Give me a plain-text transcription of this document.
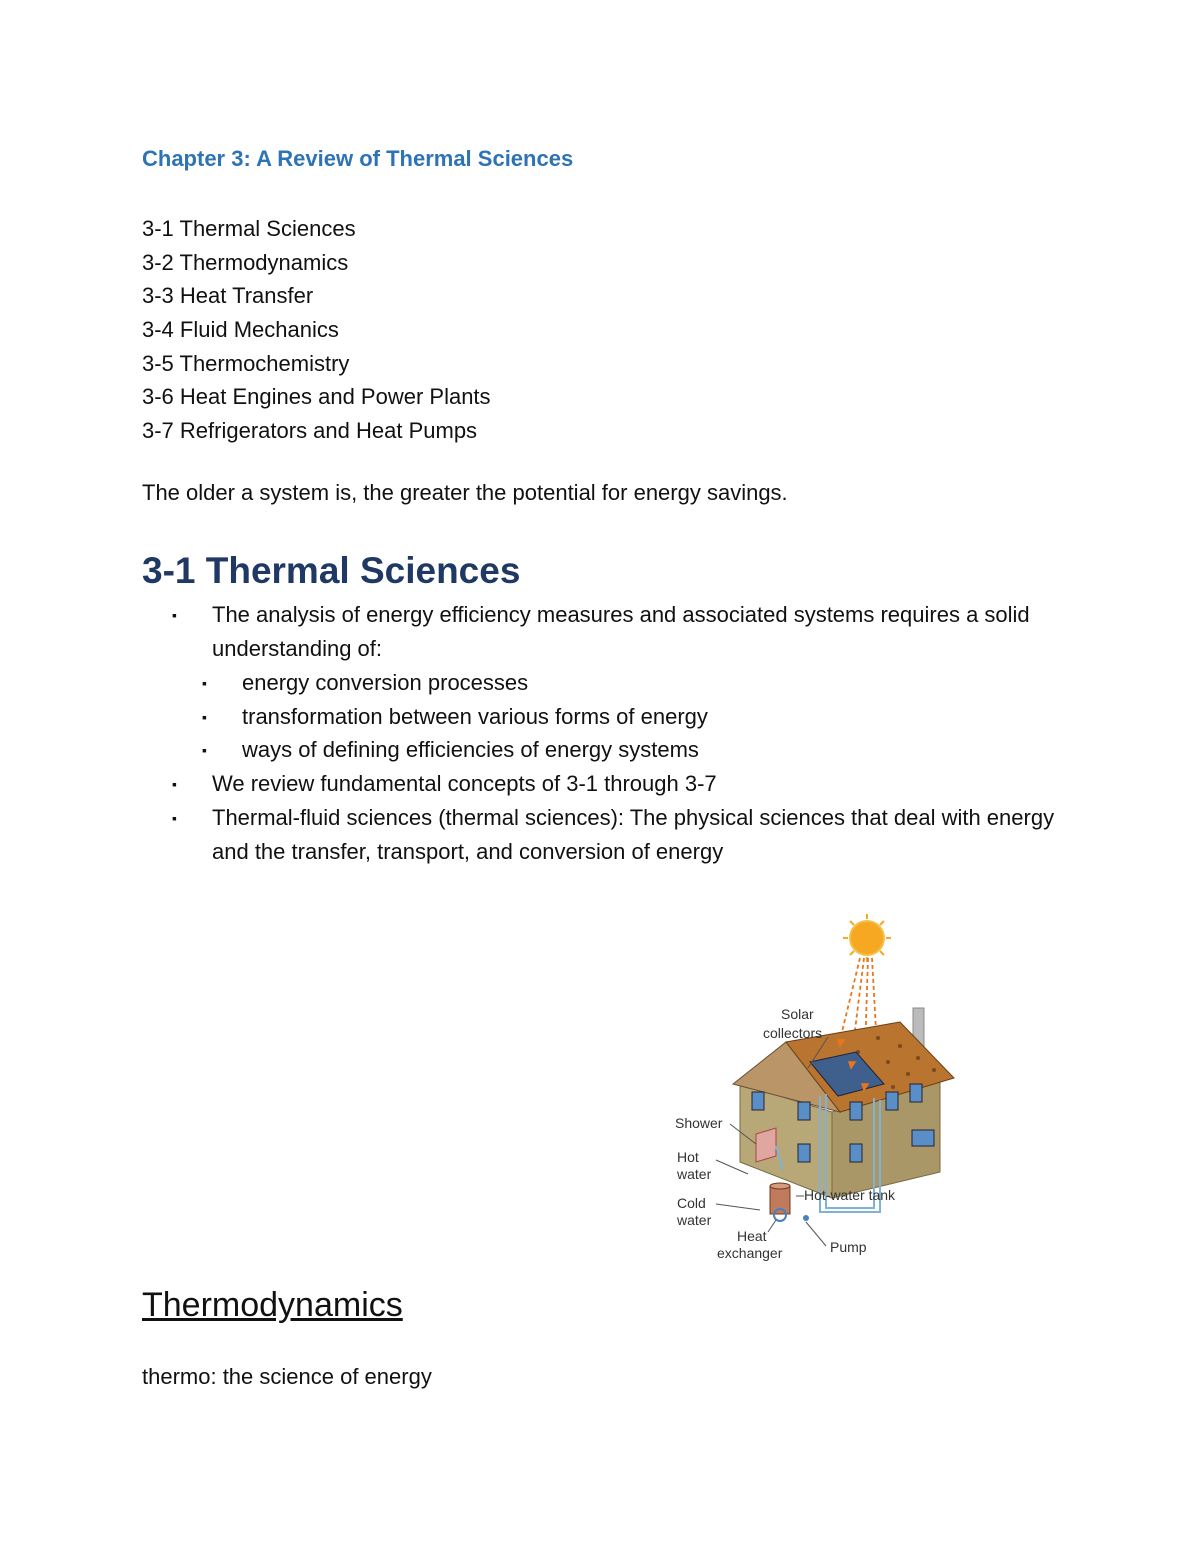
Chapter 3: A Review of Thermal Sciences
3-1 Thermal Sciences
3-2 Thermodynamics
3-3 Heat Transfer
3-4 Fluid Mechanics
3-5 Thermochemistry
3-6 Heat Engines and Power Plants
3-7 Refrigerators and Heat Pumps
The older a system is, the greater the potential for energy savings.
3-1 Thermal Sciences
▪ The analysis of energy efficiency measures and associated systems requires a solid understanding of:
▪ energy conversion processes
▪ transformation between various forms of energy
▪ ways of defining efficiencies of energy systems
▪ We review fundamental concepts of 3-1 through 3-7
▪ Thermal-fluid sciences (thermal sciences): The physical sciences that deal with energy and the transfer, transport, and conversion of energy
Solar
collectors
Shower
Hot
water
Cold
water
Hot-water tank
Heat
exchanger	Pump
Thermodynamics
thermo: the science of energy
